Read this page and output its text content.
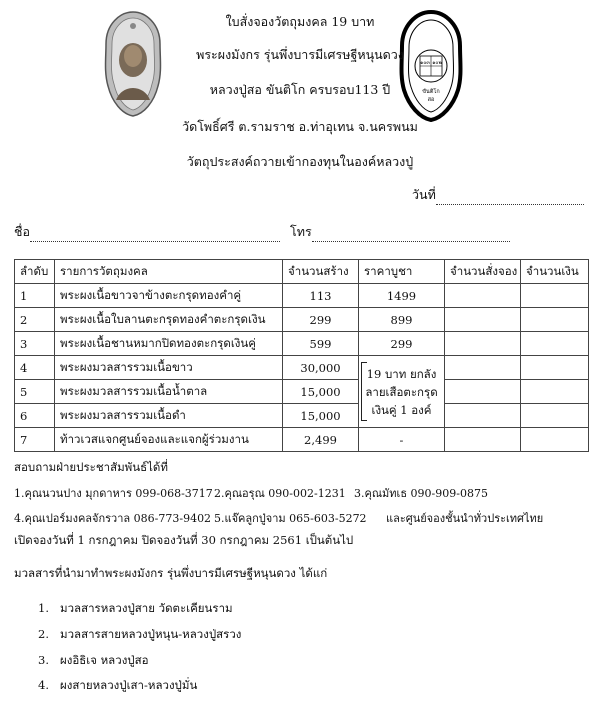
๑๐๓ ๑๐๒
ขันติโก
สอ
ใบสั่งจองวัตถุมงคล 19 บาท
พระผงมังกร รุ่นพึ่งบารมีเศรษฐีหนุนดวง
หลวงปู่สอ ขันติโก ครบรอบ113 ปี
วัดโพธิ์ศรี ต.รามราช อ.ท่าอุเทน จ.นครพนม
วัตถุประสงค์ถวายเข้ากองทุนในองค์หลวงปู่
วันที่
ชื่อ	โทร
ลำดับ	รายการวัตถุมงคล	จำนวนสร้าง	ราคาบูชา	จำนวนสั่งจอง	จำนวนเงิน
1	พระผงเนื้อขาวจาข้างตะกรุดทองคำคู่	113	1499		
2	พระผงเนื้อใบลานตะกรุดทองคำตะกรุดเงิน	299	899		
3	พระผงเนื้อชานหมากปิดทองตะกรุดเงินคู่	599	299		
4	พระผงมวลสารรวมเนื้อขาว	30,000	19 บาท ยกลังลายเสือตะกรุดเงินคู่ 1 องค์		
5	พระผงมวลสารรวมเนื้อน้ำตาล	15,000			
6	พระผงมวลสารรวมเนื้อดำ	15,000			
7	ท้าวเวสแจกศูนย์จองและแจกผู้ร่วมงาน	2,499	-		
สอบถามฝ่ายประชาสัมพันธ์ได้ที่
1.คุณนวนปาง มุกดาหาร 099-068-3717 2.คุณอรุณ 090-002-1231 3.คุณมัทเธ 090-909-0875
4.คุณเปอร์มงคลจักรวาล 086-773-9402 5.แจ๊คลูกปู่จาม 065-603-5272 และศูนย์จองชั้นนำทั่วประเทศไทย
เปิดจองวันที่ 1 กรกฎาคม ปิดจองวันที่ 30 กรกฎาคม 2561 เป็นต้นไป
มวลสารที่นำมาทำพระผงมังกร รุ่นพึ่งบารมีเศรษฐีหนุนดวง ได้แก่
1. มวลสารหลวงปู่สาย วัดตะเคียนราม
2. มวลสารสายหลวงปู่หนุน-หลวงปู่สรวง
3. ผงอิธิเจ หลวงปู่สอ
4. ผงสายหลวงปู่เสา-หลวงปู่มั่น
